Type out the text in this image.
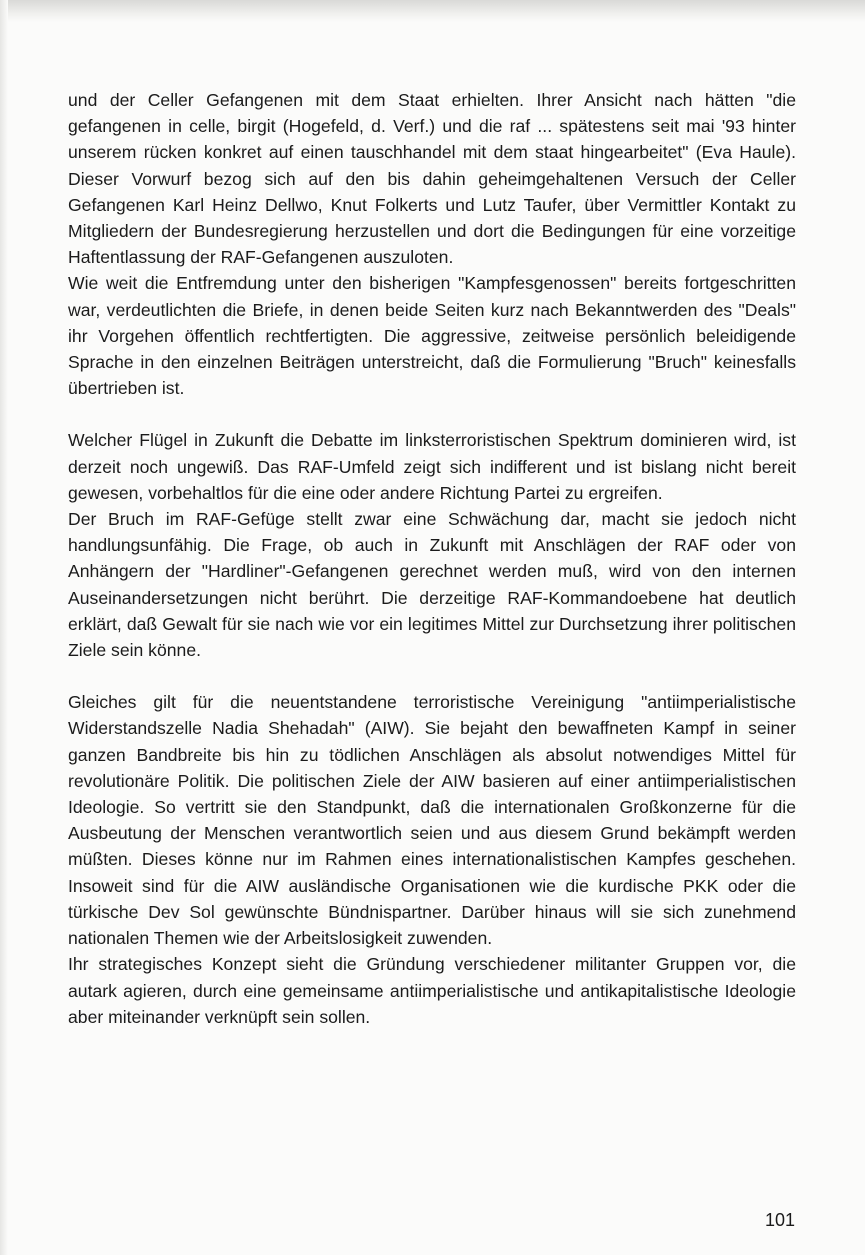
und der Celler Gefangenen mit dem Staat erhielten. Ihrer Ansicht nach hätten "die gefangenen in celle, birgit (Hogefeld, d. Verf.) und die raf ... spätestens seit mai '93 hinter unserem rücken konkret auf einen tauschhandel mit dem staat hingearbeitet" (Eva Haule). Dieser Vorwurf bezog sich auf den bis dahin geheimgehaltenen Versuch der Celler Gefangenen Karl Heinz Dellwo, Knut Folkerts und Lutz Taufer, über Vermittler Kontakt zu Mitgliedern der Bundesregierung herzustellen und dort die Bedingungen für eine vorzeitige Haftentlassung der RAF-Gefangenen auszuloten.

Wie weit die Entfremdung unter den bisherigen "Kampfesgenossen" bereits fortgeschritten war, verdeutlichten die Briefe, in denen beide Seiten kurz nach Bekanntwerden des "Deals" ihr Vorgehen öffentlich rechtfertigten. Die aggressive, zeitweise persönlich beleidigende Sprache in den einzelnen Beiträgen unterstreicht, daß die Formulierung "Bruch" keinesfalls übertrieben ist.

Welcher Flügel in Zukunft die Debatte im linksterroristischen Spektrum dominieren wird, ist derzeit noch ungewiß. Das RAF-Umfeld zeigt sich indifferent und ist bislang nicht bereit gewesen, vorbehaltlos für die eine oder andere Richtung Partei zu ergreifen.

Der Bruch im RAF-Gefüge stellt zwar eine Schwächung dar, macht sie jedoch nicht handlungsunfähig. Die Frage, ob auch in Zukunft mit Anschlägen der RAF oder von Anhängern der "Hardliner"-Gefangenen gerechnet werden muß, wird von den internen Auseinandersetzungen nicht berührt. Die derzeitige RAF-Kommandoebene hat deutlich erklärt, daß Gewalt für sie nach wie vor ein legitimes Mittel zur Durchsetzung ihrer politischen Ziele sein könne.

Gleiches gilt für die neuentstandene terroristische Vereinigung "antiimperialistische Widerstandszelle Nadia Shehadah" (AIW). Sie bejaht den bewaffneten Kampf in seiner ganzen Bandbreite bis hin zu tödlichen Anschlägen als absolut notwendiges Mittel für revolutionäre Politik. Die politischen Ziele der AIW basieren auf einer antiimperialistischen Ideologie. So vertritt sie den Standpunkt, daß die internationalen Großkonzerne für die Ausbeutung der Menschen verantwortlich seien und aus diesem Grund bekämpft werden müßten. Dieses könne nur im Rahmen eines internationalistischen Kampfes geschehen. Insoweit sind für die AIW ausländische Organisationen wie die kurdische PKK oder die türkische Dev Sol gewünschte Bündnispartner. Darüber hinaus will sie sich zunehmend nationalen Themen wie der Arbeitslosigkeit zuwenden.

Ihr strategisches Konzept sieht die Gründung verschiedener militanter Gruppen vor, die autark agieren, durch eine gemeinsame antiimperialistische und antikapitalistische Ideologie aber miteinander verknüpft sein sollen.

101
